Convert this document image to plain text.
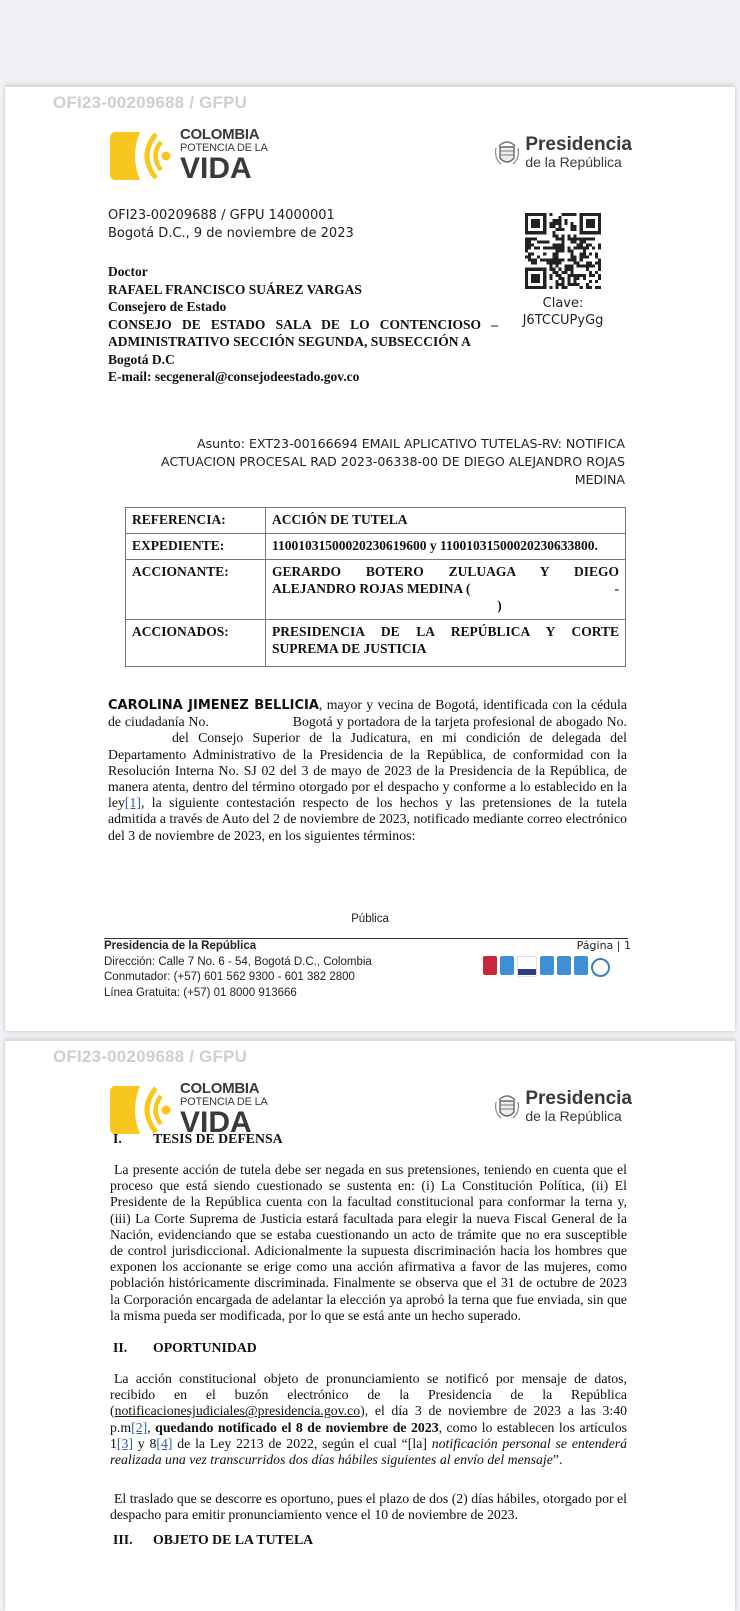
OFI23-00209688 / GFPU
COLOMBIA
POTENCIA DE LA
VIDA
Presidencia
de la República
OFI23-00209688 / GFPU 14000001
Bogotá D.C., 9 de noviembre de 2023
Clave:
J6TCCUPyGg
Doctor
RAFAEL FRANCISCO SUÁREZ VARGAS
Consejero de Estado
CONSEJO DE ESTADO SALA DE LO CONTENCIOSO –
ADMINISTRATIVO SECCIÓN SEGUNDA, SUBSECCIÓN A
Bogotá D.C
E-mail: secgeneral@consejodeestado.gov.co
Asunto: EXT23-00166694 EMAIL APLICATIVO TUTELAS-RV: NOTIFICA
ACTUACION PROCESAL RAD 2023-06338-00 DE DIEGO ALEJANDRO ROJAS
MEDINA
REFERENCIA:	ACCIÓN DE TUTELA
EXPEDIENTE:	11001031500020230619600 y 11001031500020230633800.
ACCIONANTE:	GERARDO BOTERO ZULUAGA Y DIEGO
ALEJANDRO ROJAS MEDINA ( -
)

ACCIONADOS:	PRESIDENCIA DE LA REPÚBLICA Y CORTE
SUPREMA DE JUSTICIA
CAROLINA JIMENEZ BELLICIA, mayor y vecina de Bogotá, identificada con la cédula de ciudadanía No.	Bogotá y portadora de la tarjeta profesional de abogado No. del Consejo Superior de la Judicatura, en mi condición de delegada del Departamento Administrativo de la Presidencia de la República, de conformidad con la Resolución Interna No. SJ 02 del 3 de mayo de 2023 de la Presidencia de la República, de manera atenta, dentro del término otorgado por el despacho y conforme a lo establecido en la ley[1], la siguiente contestación respecto de los hechos y las pretensiones de la tutela admitida a través de Auto del 2 de noviembre de 2023, notificado mediante correo electrónico del 3 de noviembre de 2023, en los siguientes términos:
Pública
Presidencia de la República
Dirección: Calle 7 No. 6 - 54, Bogotá D.C., Colombia
Conmutador: (+57) 601 562 9300 - 601 382 2800
Línea Gratuita: (+57) 01 8000 913666
Página | 1
OFI23-00209688 / GFPU
COLOMBIA
POTENCIA DE LA
VIDA
Presidencia
de la República
I. TESIS DE DEFENSA
La presente acción de tutela debe ser negada en sus pretensiones, teniendo en cuenta que el proceso que está siendo cuestionado se sustenta en: (i) La Constitución Política, (ii) El Presidente de la República cuenta con la facultad constitucional para conformar la terna y, (iii) La Corte Suprema de Justicia estará facultada para elegir la nueva Fiscal General de la Nación, evidenciando que se estaba cuestionando un acto de trámite que no era susceptible de control jurisdiccional. Adicionalmente la supuesta discriminación hacia los hombres que exponen los accionante se erige como una acción afirmativa a favor de las mujeres, como población históricamente discriminada. Finalmente se observa que el 31 de octubre de 2023 la Corporación encargada de adelantar la elección ya aprobó la terna que fue enviada, sin que la misma pueda ser modificada, por lo que se está ante un hecho superado.
II. OPORTUNIDAD
La acción constitucional objeto de pronunciamiento se notificó por mensaje de datos, recibido en el buzón electrónico de la Presidencia de la República (notificacionesjudiciales@presidencia.gov.co), el día 3 de noviembre de 2023 a las 3:40 p.m[2], quedando notificado el 8 de noviembre de 2023, como lo establecen los artículos 1[3] y 8[4] de la Ley 2213 de 2022, según el cual “[la] notificación personal se entenderá realizada una vez transcurridos dos días hábiles siguientes al envío del mensaje”.
El traslado que se descorre es oportuno, pues el plazo de dos (2) días hábiles, otorgado por el despacho para emitir pronunciamiento vence el 10 de noviembre de 2023.
III. OBJETO DE LA TUTELA
